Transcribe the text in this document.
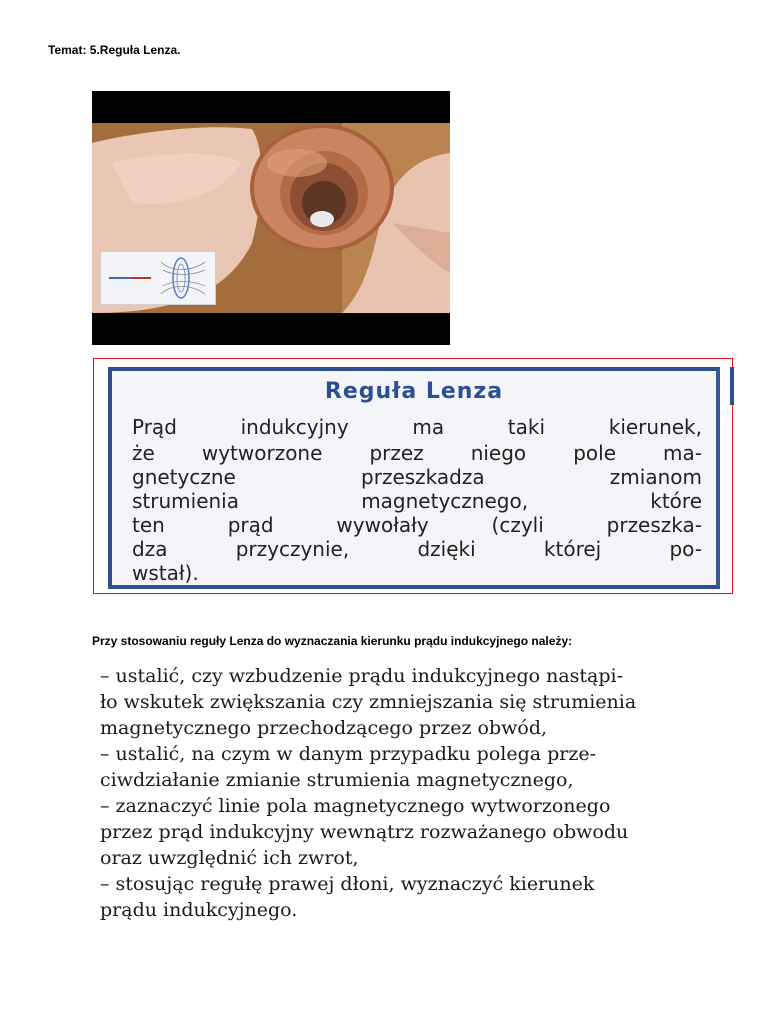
Temat: 5.Reguła Lenza.
Reguła Lenza
Prąd indukcyjny ma taki kierunek,
że wytworzone przez niego pole ma-
gnetyczne przeszkadza zmianom
strumienia magnetycznego, które
ten prąd wywołały (czyli przeszka-
dza przyczynie, dzięki której po-
wstał).
Przy stosowaniu reguły Lenza do wyznaczania kierunku prądu indukcyjnego należy:
– ustalić, czy wzbudzenie prądu indukcyjnego nastąpi-
ło wskutek zwiększania czy zmniejszania się strumienia
magnetycznego przechodzącego przez obwód,
– ustalić, na czym w danym przypadku polega prze-
ciwdziałanie zmianie strumienia magnetycznego,
– zaznaczyć linie pola magnetycznego wytworzonego
przez prąd indukcyjny wewnątrz rozważanego obwodu
oraz uwzględnić ich zwrot,
– stosując regułę prawej dłoni, wyznaczyć kierunek
prądu indukcyjnego.
